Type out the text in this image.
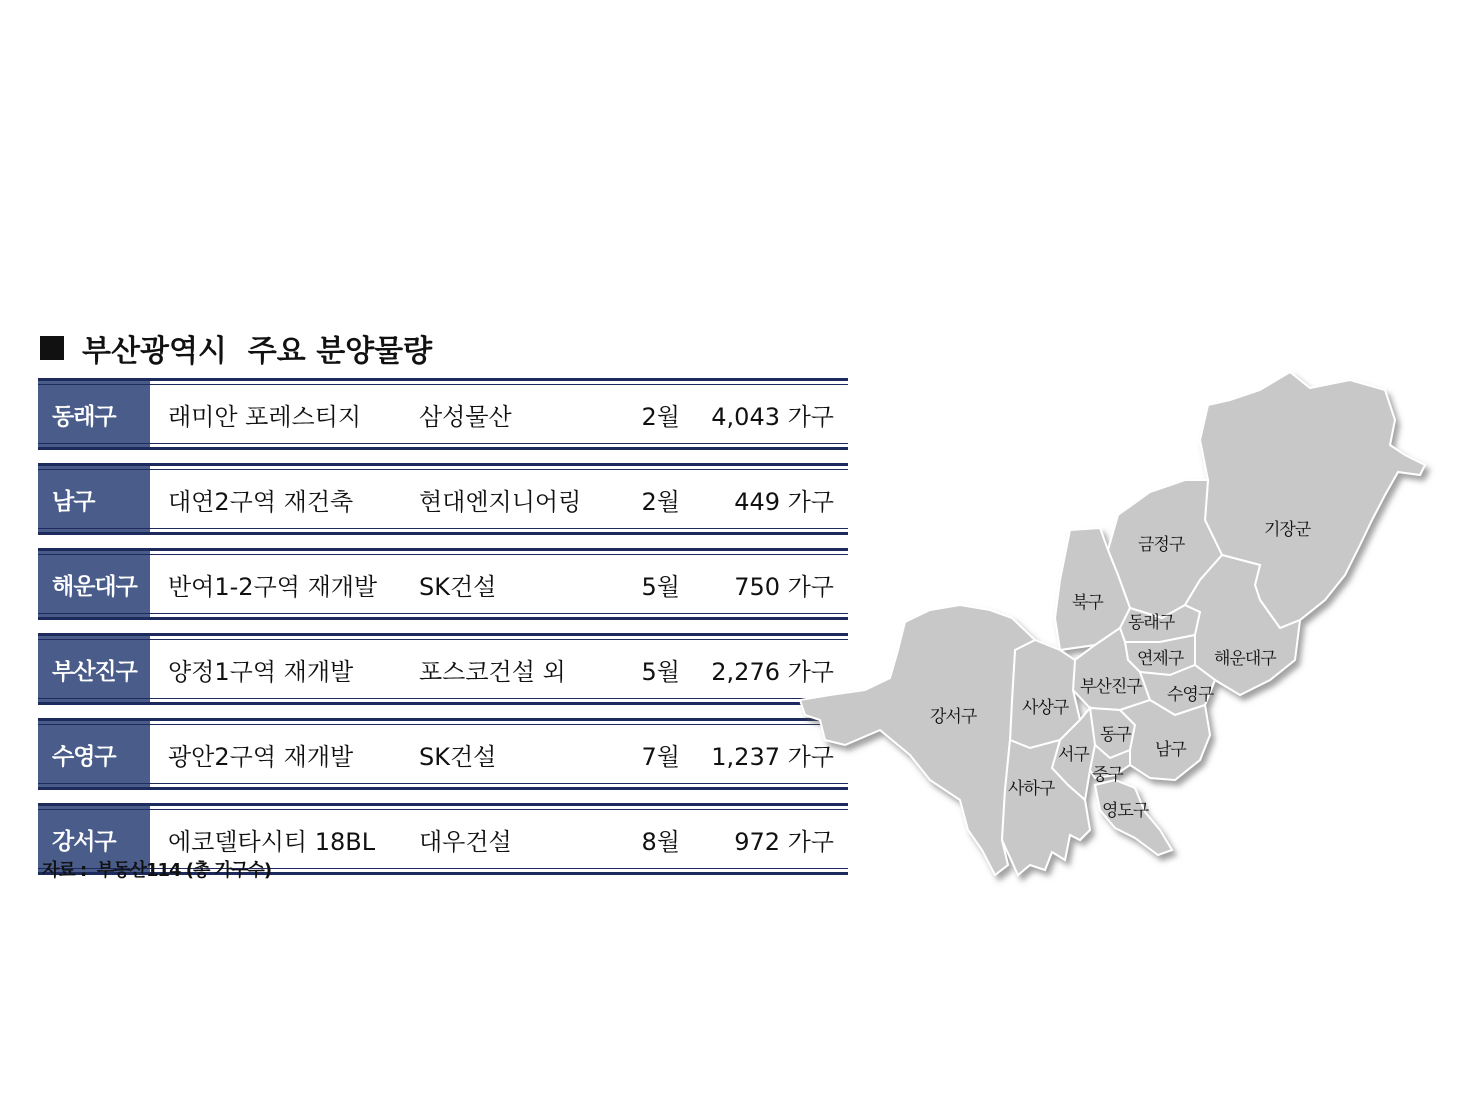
부산광역시  주요 분양물량
동래구	래미안 포레스티지	삼성물산	2월	4,043 가구
남구	대연2구역 재건축	현대엔지니어링	2월	449 가구
해운대구	반여1-2구역 재개발	SK건설	5월	750 가구
부산진구	양정1구역 재개발	포스코건설 외	5월	2,276 가구
수영구	광안2구역 재개발	SK건설	7월	1,237 가구
강서구	에코델타시티 18BL	대우건설	8월	972 가구
자료 :  부동산114 (총 가구수)
기장군
금정구
북구
동래구
연제구 해운대구
부산진구 수영구
강서구	사상구
동구
남구
서구
중구
사하구
영도구
